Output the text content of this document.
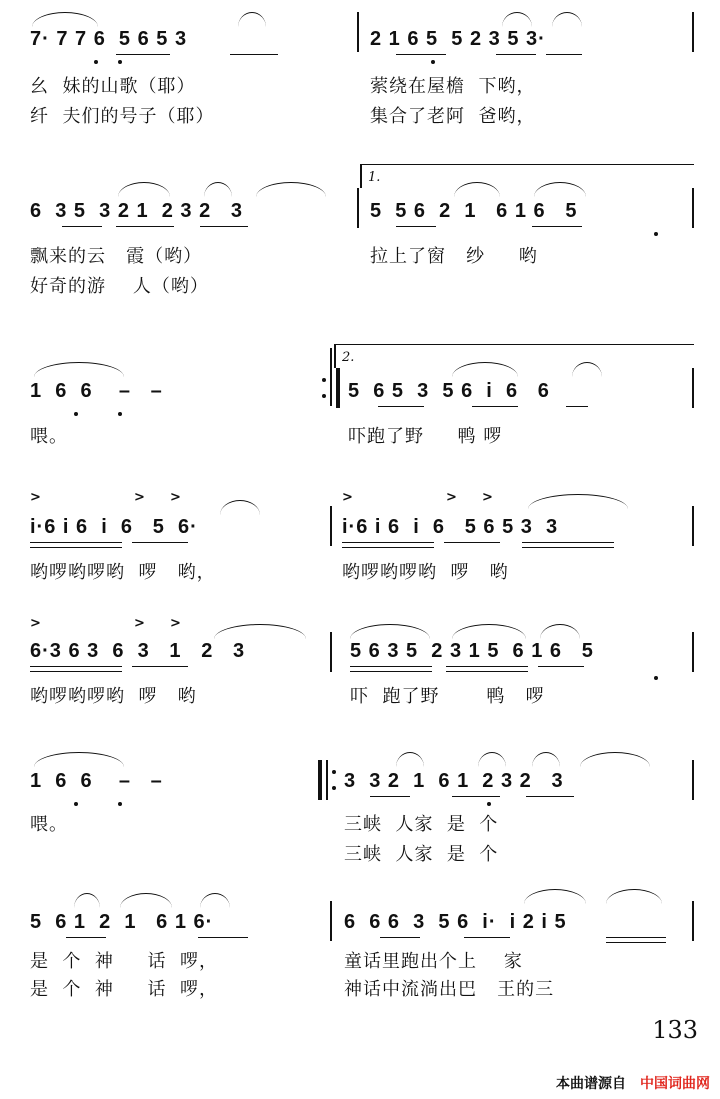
7· 7 7 6  5 6 5 3	2 1 6 5  5 2 3 5 3·
幺  妹的山歌（耶）	萦绕在屋檐  下哟，
纤  夫们的号子（耶）	集合了老阿  爸哟，
1.
6  3 5  3 2 1  2 3 2   3	5  5 6  2  1   6 1 6   5
飘来的云   霞（哟）	拉上了窗   纱     哟
好奇的游    人（哟）
2.
1  6  6    –   –	5  6 5  3  5 6  i  6   6
喂。	吓跑了野     鸭 啰
>	> >	>	> >
i·6 i 6  i  6   5  6·	i·6 i 6  i  6   5 6 5 3  3
哟啰哟啰哟  啰   哟，	哟啰哟啰哟  啰   哟
>	> >
6·3 6 3  6  3   1   2   3	5 6 3 5  2 3 1 5  6 1 6   5
哟啰哟啰哟  啰   哟	吓  跑了野       鸭   啰
1  6  6    –   –	3  3 2  1  6 1  2 3 2   3
喂。	三峡  人家  是  个
三峡  人家  是  个
5  6 1  2  1   6 1 6·	6  6 6  3  5 6  i·  i 2 i 5
是  个  神     话  啰，	童话里跑出个上    家
是  个  神     话  啰，	神话中流淌出巴   王的三
133
本曲谱源自 中国词曲网
